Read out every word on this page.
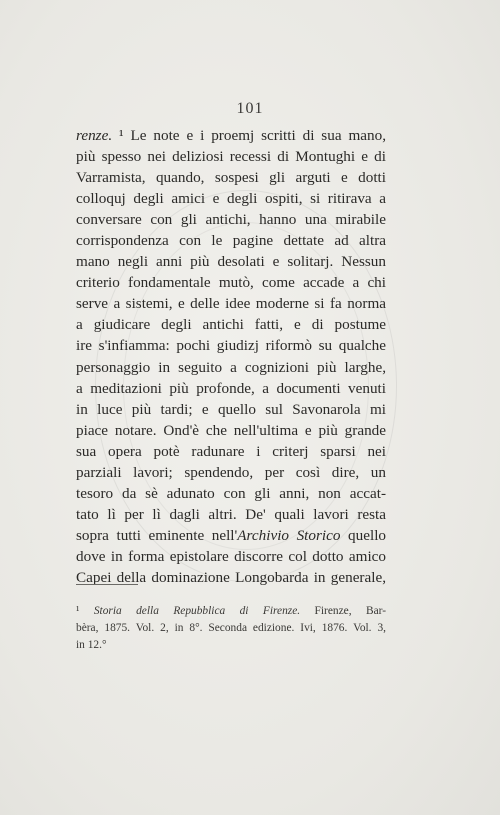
101
renze. ¹ Le note e i proemj scritti di sua mano,
più spesso nei deliziosi recessi di Montughi e di
Varramista, quando, sospesi gli arguti e dotti
colloquj degli amici e degli ospiti, si ritirava a
conversare con gli antichi, hanno una mirabile
corrispondenza con le pagine dettate ad altra
mano negli anni più desolati e solitarj. Nessun
criterio fondamentale mutò, come accade a chi
serve a sistemi, e delle idee moderne si fa norma
a giudicare degli antichi fatti, e di postume
ire s'infiamma: pochi giudizj riformò su qualche
personaggio in seguito a cognizioni più larghe,
a meditazioni più profonde, a documenti venuti
in luce più tardi; e quello sul Savonarola mi
piace notare. Ond'è che nell'ultima e più grande
sua opera potè radunare i criterj sparsi nei
parziali lavori; spendendo, per così dire, un
tesoro da sè adunato con gli anni, non accat-
tato lì per lì dagli altri. De' quali lavori resta
sopra tutti eminente nell'Archivio Storico quello
dove in forma epistolare discorre col dotto amico
Capei della dominazione Longobarda in generale,
¹ Storia della Repubblica di Firenze. Firenze, Bar-
bèra, 1875. Vol. 2, in 8°. Seconda edizione. Ivi, 1876. Vol. 3,
in 12.°
